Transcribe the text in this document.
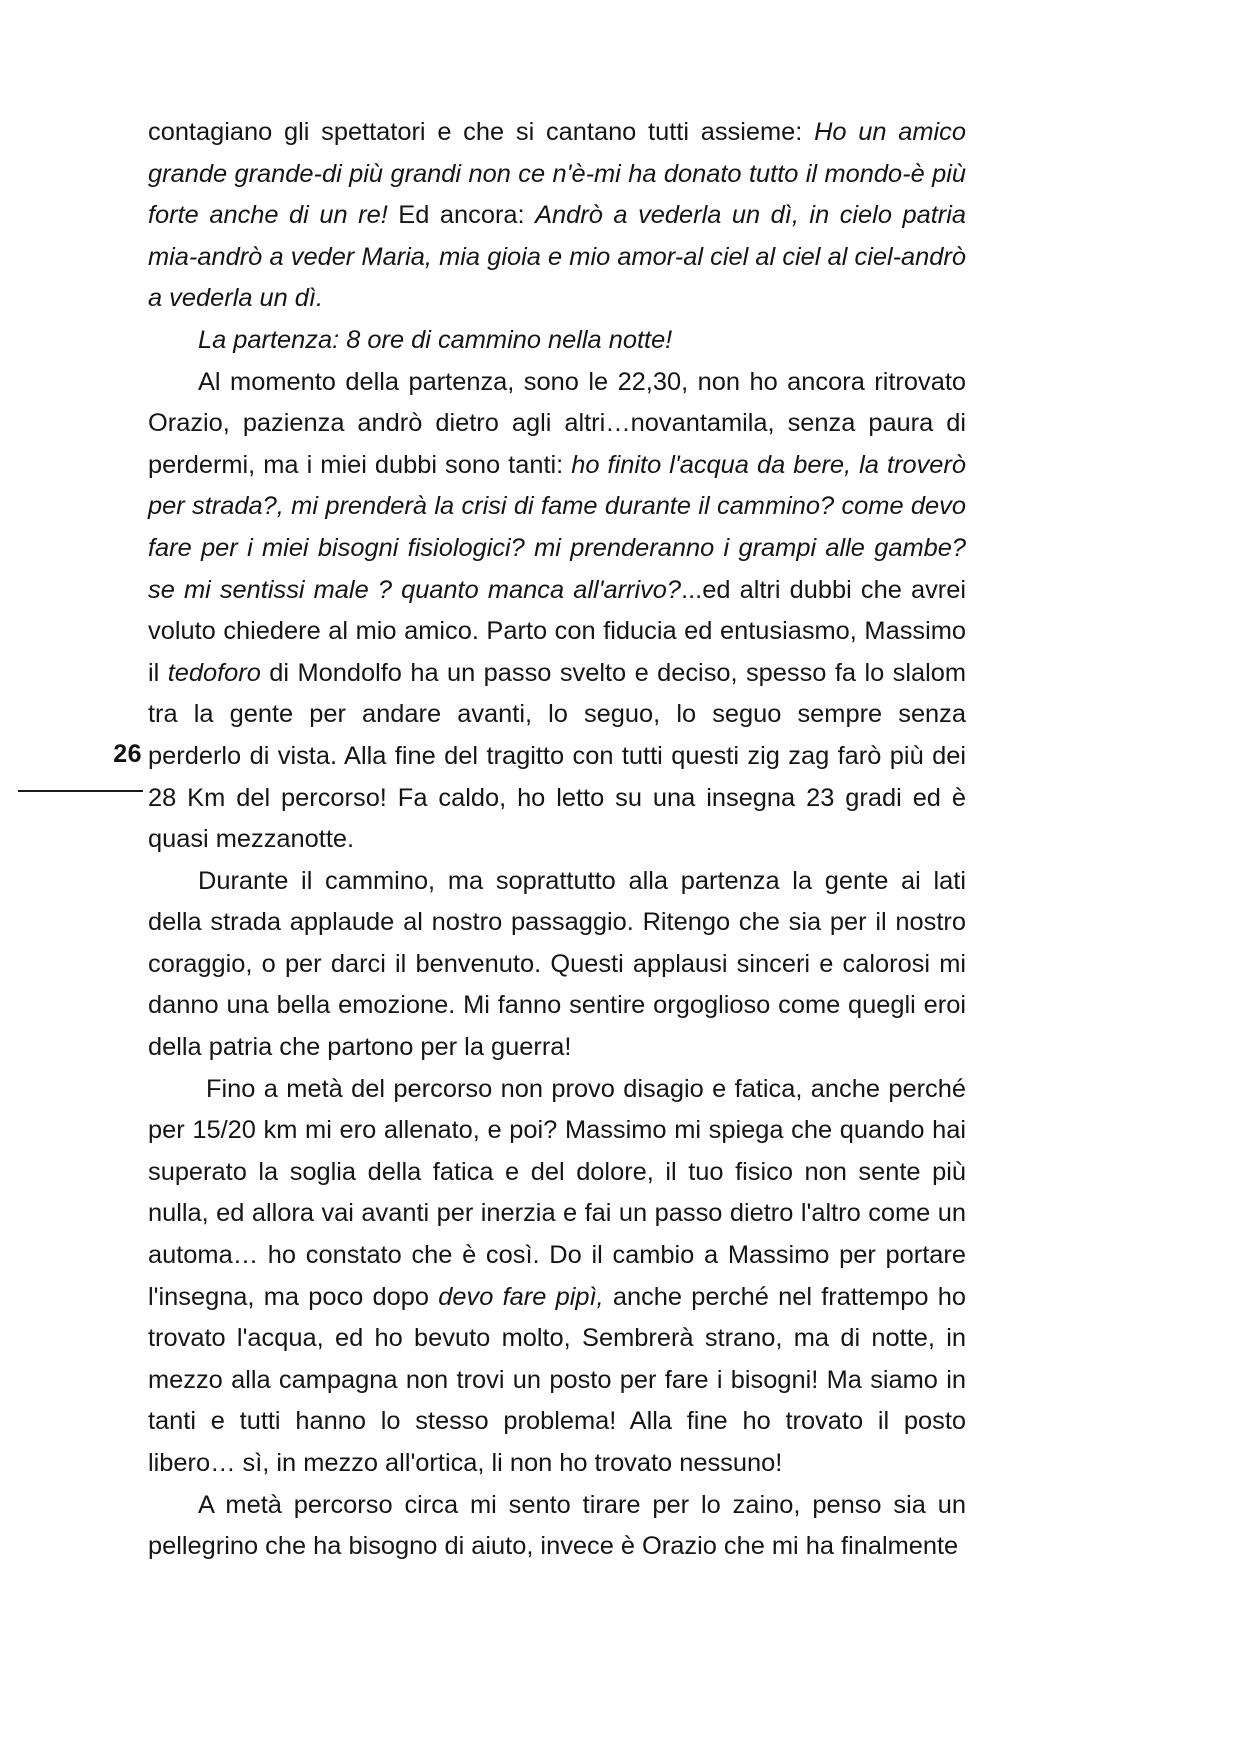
26

contagiano gli spettatori e che si cantano tutti assieme: Ho un amico grande grande-di più grandi non ce n'è-mi ha donato tutto il mondo-è più forte anche di un re! Ed ancora: Andrò a vederla un dì, in cielo patria mia-andrò a veder Maria, mia gioia e mio amor-al ciel al ciel al ciel-andrò a vederla un dì.

La partenza: 8 ore di cammino nella notte!

Al momento della partenza, sono le 22,30, non ho ancora ritrovato Orazio, pazienza andrò dietro agli altri…novantamila, senza paura di perdermi, ma i miei dubbi sono tanti: ho finito l'acqua da bere, la troverò per strada?, mi prenderà la crisi di fame durante il cammino? come devo fare per i miei bisogni fisiologici? mi prenderanno i grampi alle gambe? se mi sentissi male ? quanto manca all'arrivo?...ed altri dubbi che avrei voluto chiedere al mio amico. Parto con fiducia ed entusiasmo, Massimo il tedoforo di Mondolfo ha un passo svelto e deciso, spesso fa lo slalom tra la gente per andare avanti, lo seguo, lo seguo sempre senza perderlo di vista. Alla fine del tragitto con tutti questi zig zag farò più dei 28 Km del percorso! Fa caldo, ho letto su una insegna 23 gradi ed è quasi mezzanotte.

Durante il cammino, ma soprattutto alla partenza la gente ai lati della strada applaude al nostro passaggio. Ritengo che sia per il nostro coraggio, o per darci il benvenuto. Questi applausi sinceri e calorosi mi danno una bella emozione. Mi fanno sentire orgoglioso come quegli eroi della patria che partono per la guerra!

Fino a metà del percorso non provo disagio e fatica, anche perché per 15/20 km mi ero allenato, e poi? Massimo mi spiega che quando hai superato la soglia della fatica e del dolore, il tuo fisico non sente più nulla, ed allora vai avanti per inerzia e fai un passo dietro l'altro come un automa… ho constato che è così. Do il cambio a Massimo per portare l'insegna, ma poco dopo devo fare pipì, anche perché nel frattempo ho trovato l'acqua, ed ho bevuto molto, Sembrerà strano, ma di notte, in mezzo alla campagna non trovi un posto per fare i bisogni! Ma siamo in tanti e tutti hanno lo stesso problema! Alla fine ho trovato il posto libero… sì, in mezzo all'ortica, li non ho trovato nessuno!

A metà percorso circa mi sento tirare per lo zaino, penso sia un pellegrino che ha bisogno di aiuto, invece è Orazio che mi ha finalmente
